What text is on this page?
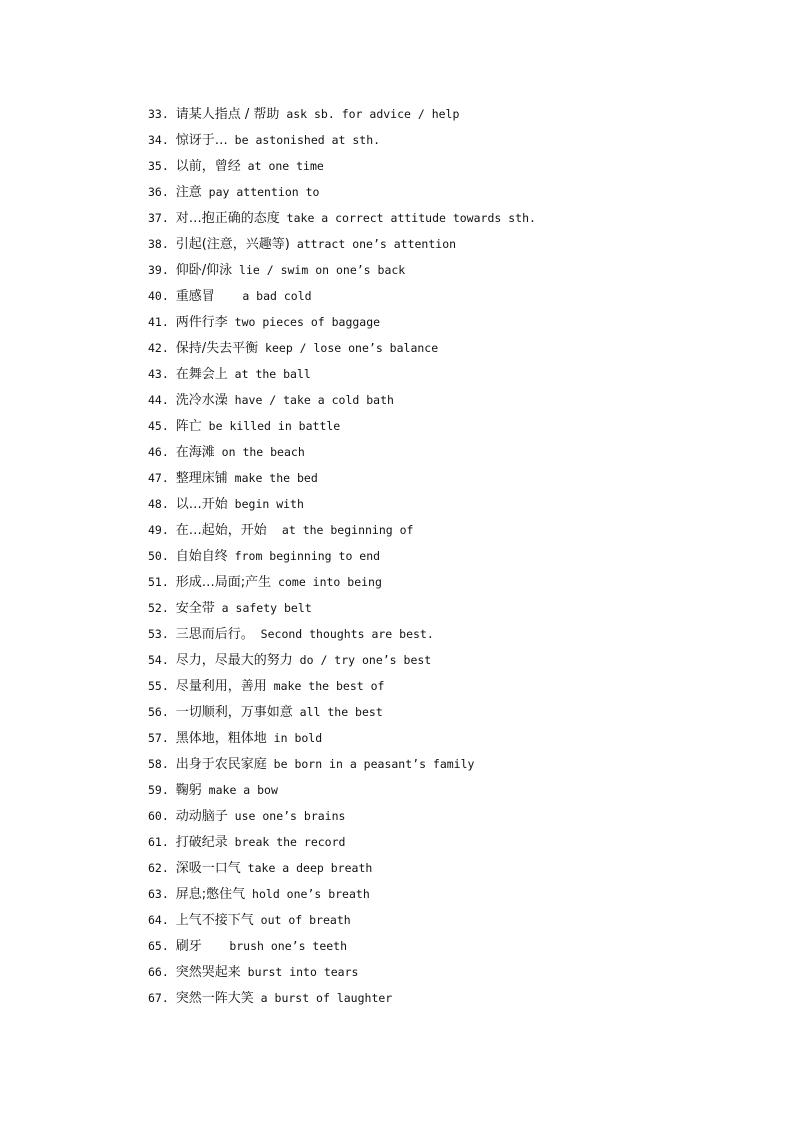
33. 请某人指点 / 帮助 ask sb. for advice / help
34. 惊讶于… be astonished at sth.
35. 以前，曾经 at one time
36. 注意 pay attention to
37. 对…抱正确的态度 take a correct attitude towards sth.
38. 引起(注意，兴趣等) attract one’s attention
39. 仰卧/仰泳 lie / swim on one’s back
40. 重感冒      a bad cold
41. 两件行李 two pieces of baggage
42. 保持/失去平衡 keep / lose one’s balance
43. 在舞会上 at the ball
44. 洗冷水澡 have / take a cold bath
45. 阵亡 be killed in battle
46. 在海滩 on the beach
47. 整理床铺 make the bed
48. 以…开始 begin with
49. 在…起始，开始   at the beginning of
50. 自始自终 from beginning to end
51. 形成…局面;产生 come into being
52. 安全带 a safety belt
53. 三思而后行。 Second thoughts are best.
54. 尽力，尽最大的努力 do / try one’s best
55. 尽量利用，善用 make the best of
56. 一切顺利，万事如意 all the best
57. 黑体地，粗体地 in bold
58. 出身于农民家庭 be born in a peasant’s family
59. 鞠躬 make a bow
60. 动动脑子 use one’s brains
61. 打破纪录 break the record
62. 深吸一口气 take a deep breath
63. 屏息;憋住气 hold one’s breath
64. 上气不接下气 out of breath
65. 刷牙      brush one’s teeth
66. 突然哭起来 burst into tears
67. 突然一阵大笑 a burst of laughter
